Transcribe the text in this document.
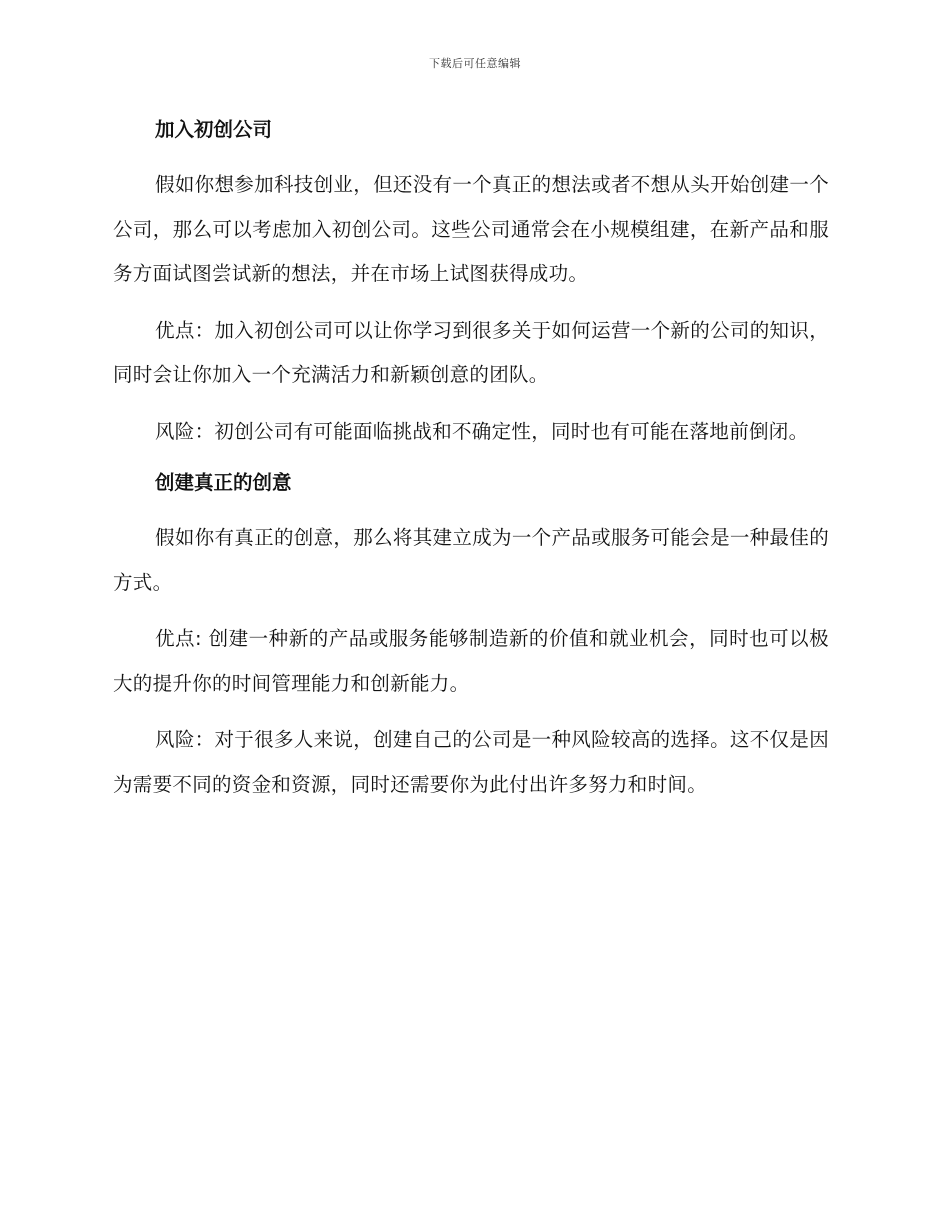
下载后可任意编辑
加入初创公司

假如你想参加科技创业，但还没有一个真正的想法或者不想从头开始创建一个公司，那么可以考虑加入初创公司。这些公司通常会在小规模组建，在新产品和服务方面试图尝试新的想法，并在市场上试图获得成功。

优点：加入初创公司可以让你学习到很多关于如何运营一个新的公司的知识，同时会让你加入一个充满活力和新颖创意的团队。

风险：初创公司有可能面临挑战和不确定性，同时也有可能在落地前倒闭。

创建真正的创意

假如你有真正的创意，那么将其建立成为一个产品或服务可能会是一种最佳的方式。

优点: 创建一种新的产品或服务能够制造新的价值和就业机会，同时也可以极大的提升你的时间管理能力和创新能力。

风险：对于很多人来说，创建自己的公司是一种风险较高的选择。这不仅是因为需要不同的资金和资源，同时还需要你为此付出许多努力和时间。
